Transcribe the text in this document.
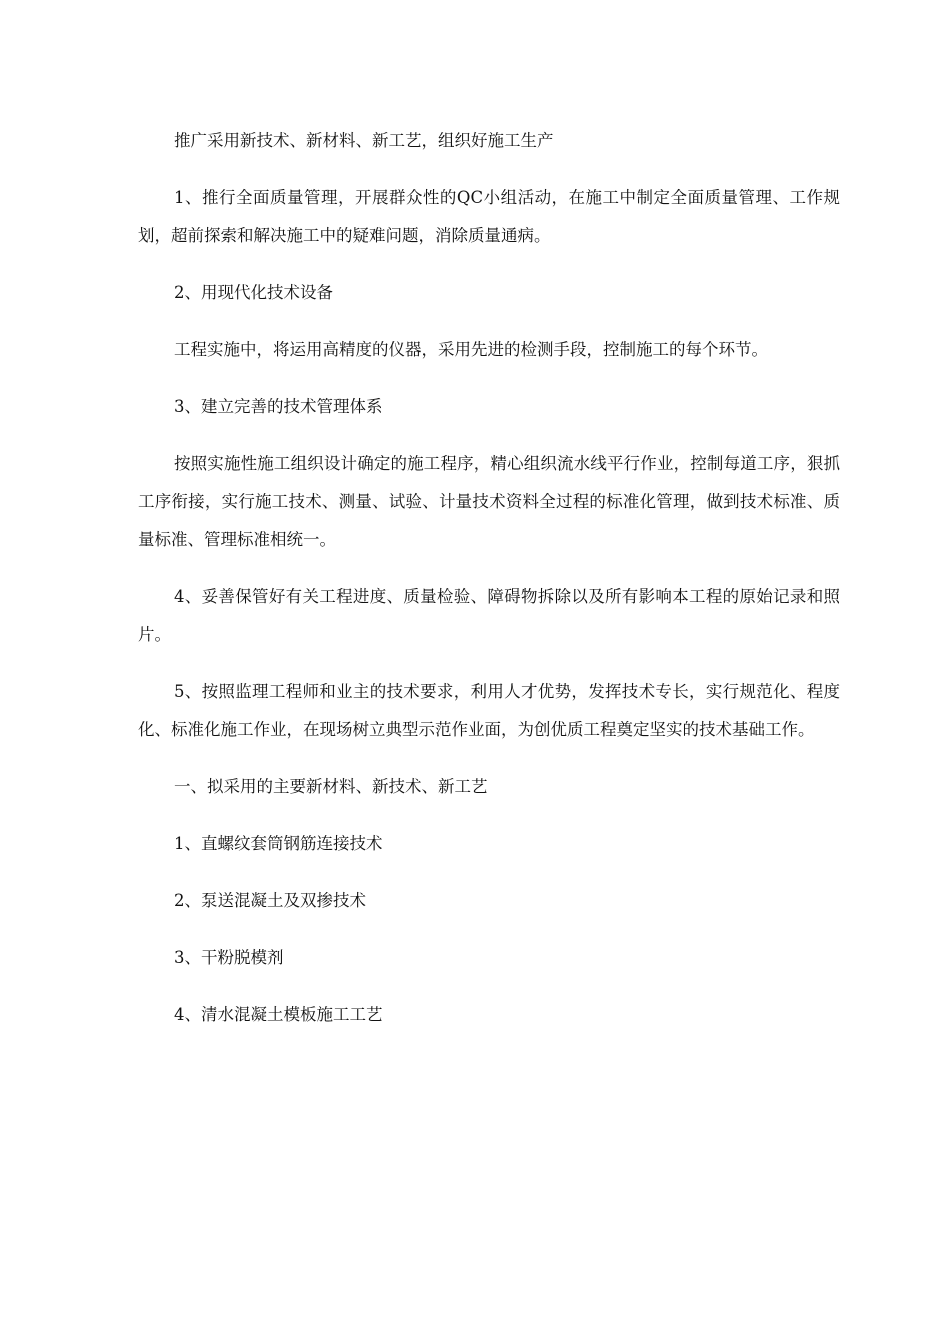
推广采用新技术、新材料、新工艺，组织好施工生产

1、推行全面质量管理，开展群众性的QC小组活动，在施工中制定全面质量管理、工作规划，超前探索和解决施工中的疑难问题，消除质量通病。

2、用现代化技术设备

工程实施中，将运用高精度的仪器，采用先进的检测手段，控制施工的每个环节。

3、建立完善的技术管理体系

按照实施性施工组织设计确定的施工程序，精心组织流水线平行作业，控制每道工序，狠抓工序衔接，实行施工技术、测量、试验、计量技术资料全过程的标准化管理，做到技术标准、质量标准、管理标准相统一。

4、妥善保管好有关工程进度、质量检验、障碍物拆除以及所有影响本工程的原始记录和照片。

5、按照监理工程师和业主的技术要求，利用人才优势，发挥技术专长，实行规范化、程度化、标准化施工作业，在现场树立典型示范作业面，为创优质工程奠定坚实的技术基础工作。

一、拟采用的主要新材料、新技术、新工艺

1、直螺纹套筒钢筋连接技术

2、泵送混凝土及双掺技术

3、干粉脱模剂

4、清水混凝土模板施工工艺
